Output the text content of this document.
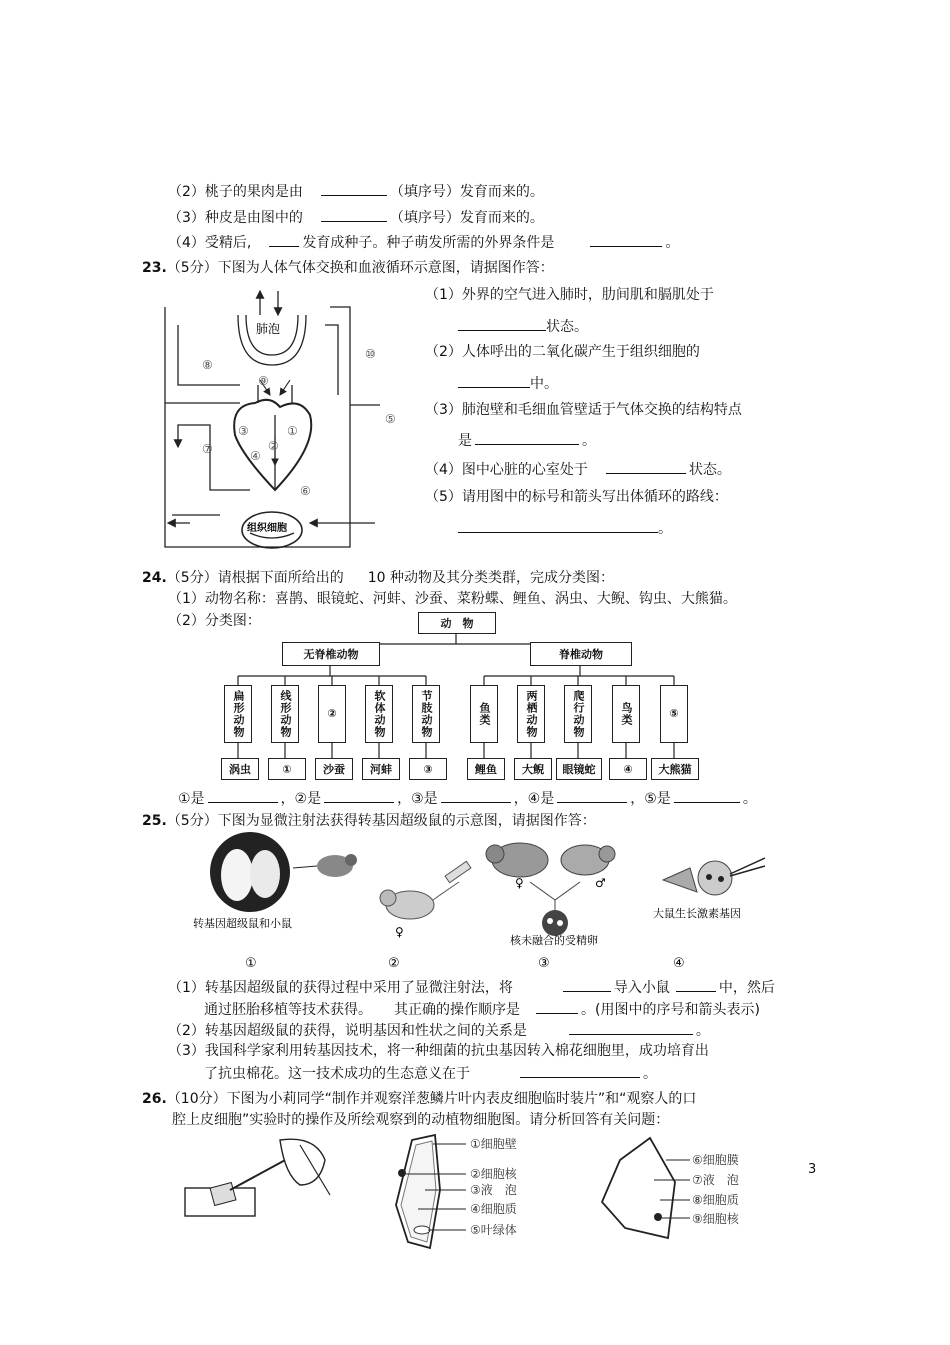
（2）桃子的果肉是由	（填序号）发育而来的。
（3）种皮是由图中的	（填序号）发育而来的。
（4）受精后,	发育成种子。种子萌发所需的外界条件是	。
23.（5分）下图为人体气体交换和血液循环示意图，请据图作答：
肺泡
组织细胞
①
②
③
④
⑤
⑥
⑦
⑧
⑨
⑩
（1）外界的空气进入肺时，肋间肌和膈肌处于
状态。
（2）人体呼出的二氧化碳产生于组织细胞的
中。
（3）肺泡壁和毛细血管壁适于气体交换的结构特点
是	。
（4）图中心脏的心室处于	状态。
（5）请用图中的标号和箭头写出体循环的路线：
。
24.（5分）请根据下面所给出的 10 种动物及其分类类群，完成分类图：
（1）动物名称：喜鹊、眼镜蛇、河蚌、沙蚕、菜粉蝶、鲤鱼、涡虫、大鲵、钩虫、大熊猫。
（2）分类图：	动　物
无脊椎动物	脊椎动物
扁形动物	线形动物	②	软体动物	节肢动物	鱼类	两栖动物	爬行动物	鸟类	⑤
涡虫	①	沙蚕	河蚌	③	鲤鱼	大鲵	眼镜蛇	④	大熊猫
①是	，②是	，③是	，④是	，⑤是	。
25.（5分）下图为显微注射法获得转基因超级鼠的示意图，请据图作答：
转基因超级鼠和小鼠
♀
♀	♂
核未融合的受精卵
大鼠生长激素基因
①	②	③	④
（1）转基因超级鼠的获得过程中采用了显微注射法，将	导入小鼠	中，然后
通过胚胎移植等技术获得。 其正确的操作顺序是	。(用图中的序号和箭头表示)
（2）转基因超级鼠的获得，说明基因和性状之间的关系是	。
（3）我国科学家利用转基因技术，将一种细菌的抗虫基因转入棉花细胞里，成功培育出
了抗虫棉花。这一技术成功的生态意义在于	。
26.（10分）下图为小莉同学“制作并观察洋葱鳞片叶内表皮细胞临时装片”和“观察人的口
腔上皮细胞”实验时的操作及所绘观察到的动植物细胞图。请分析回答有关问题：
①细胞壁
②细胞核
③液　泡
④细胞质
⑤叶绿体
⑥细胞膜
⑦液　泡
⑧细胞质
⑨细胞核
3
